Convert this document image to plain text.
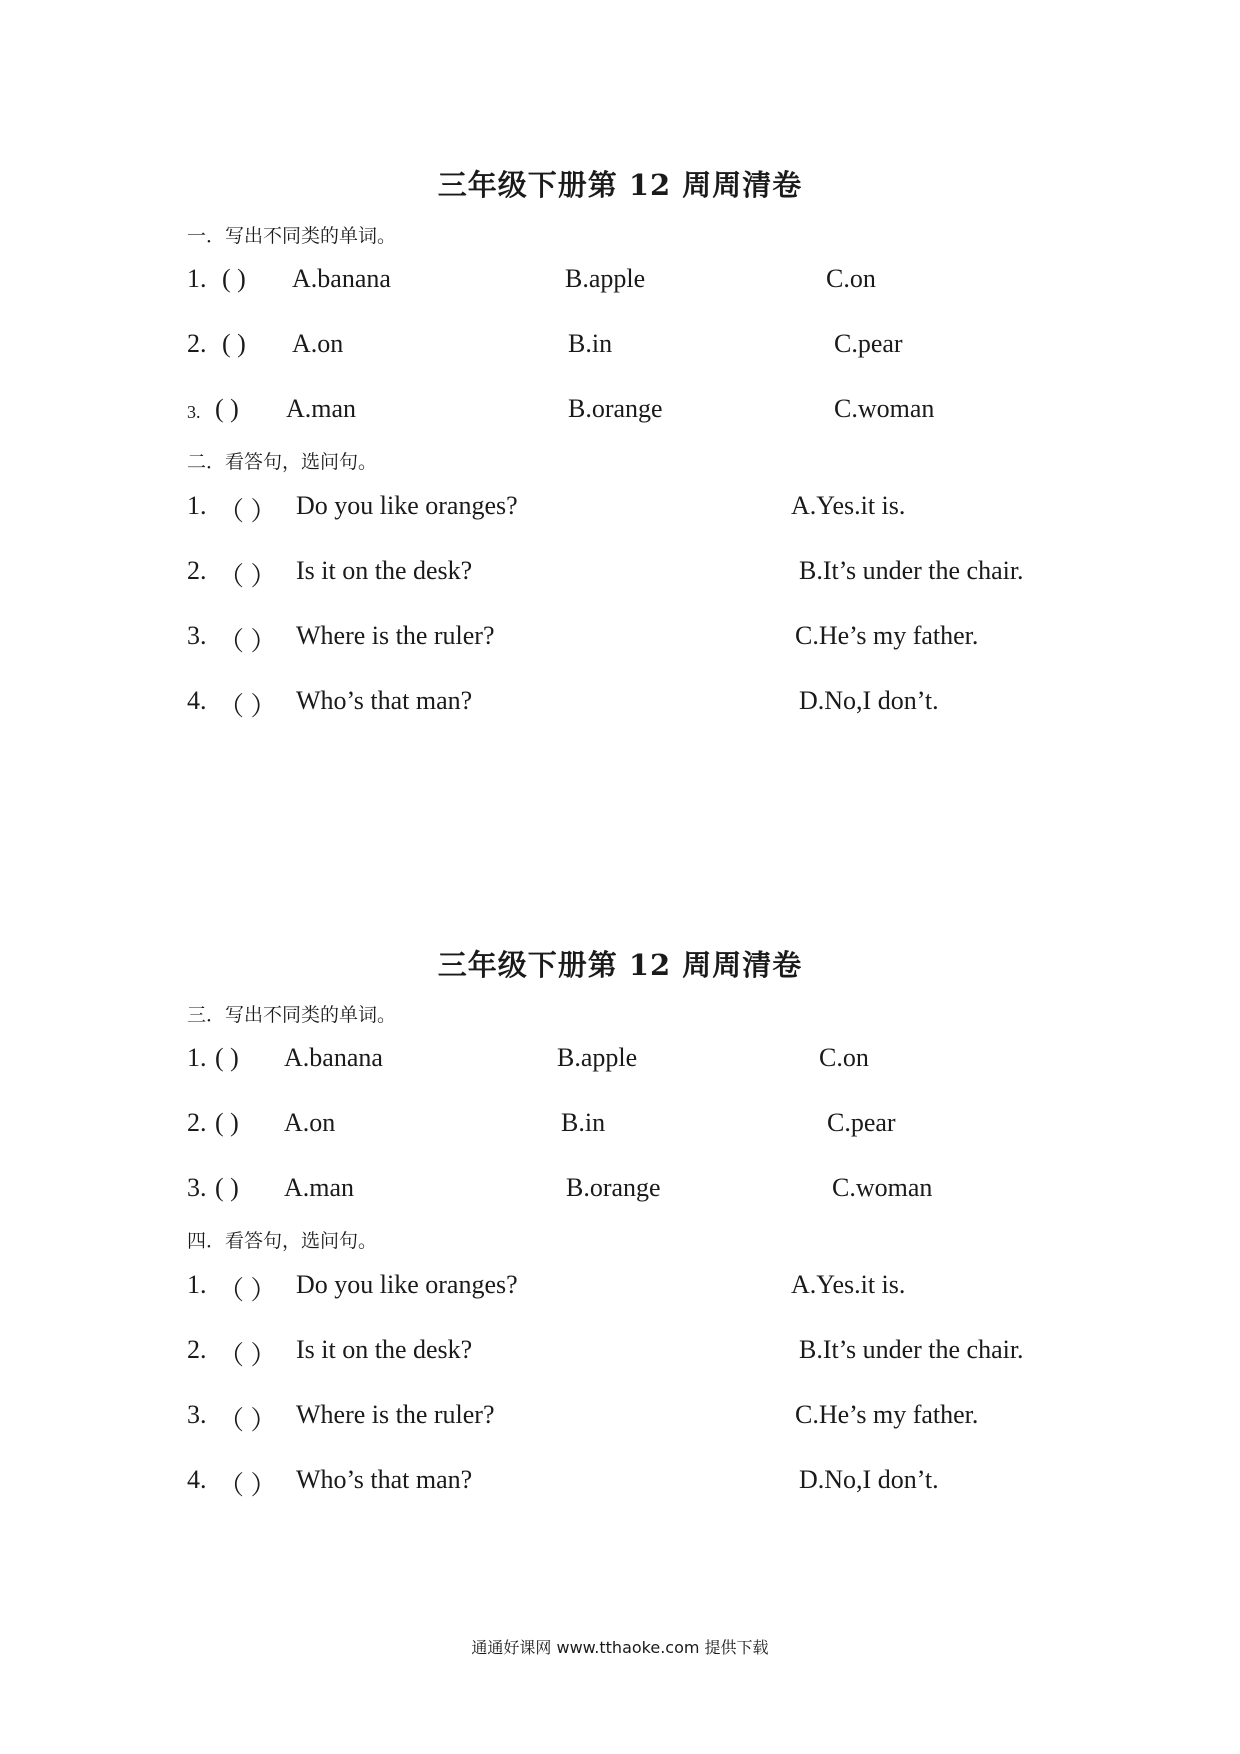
三年级下册第 12 周周清卷
一．写出不同类的单词。
1. ( ) A.banana	B.apple	C.on
2. ( ) A.on	B.in	C.pear
3. ( ) A.man	B.orange	C.woman
二．看答句，选问句。
1. （ ） Do you like oranges?	A.Yes.it is.
2. （ ） Is it on the desk?	B.It’s under the chair.
3. （ ） Where is the ruler?	C.He’s my father.
4. （ ） Who’s that man?	D.No,I don’t.
三年级下册第 12 周周清卷
三．写出不同类的单词。
1. ( ) A.banana	B.apple	C.on
2. ( ) A.on	B.in	C.pear
3. ( ) A.man	B.orange	C.woman
四．看答句，选问句。
1. （ ） Do you like oranges?	A.Yes.it is.
2. （ ） Is it on the desk?	B.It’s under the chair.
3. （ ） Where is the ruler?	C.He’s my father.
4. （ ） Who’s that man?	D.No,I don’t.
通通好课网 www.tthaoke.com 提供下载
